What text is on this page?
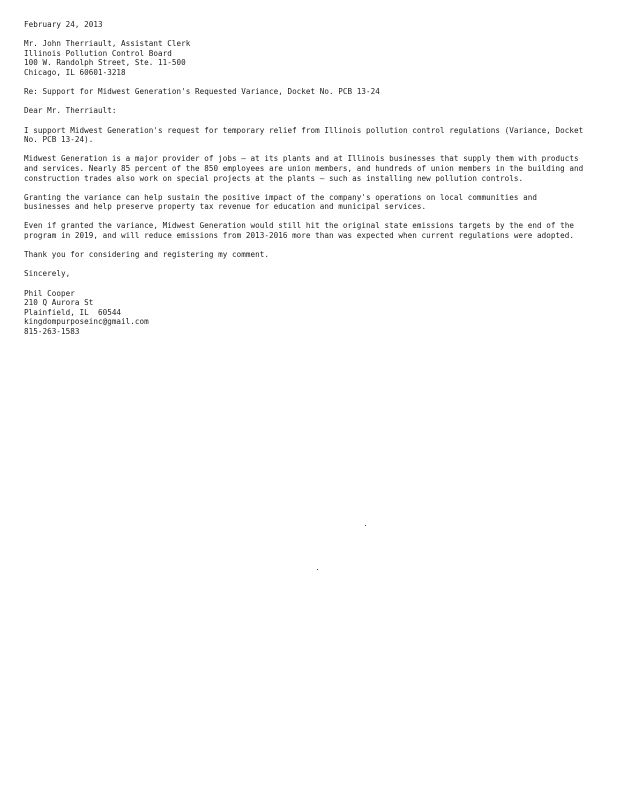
February 24, 2013
Mr. John Therriault, Assistant Clerk
Illinois Pollution Control Board
100 W. Randolph Street, Ste. 11-500
Chicago, IL 60601-3218
Re: Support for Midwest Generation's Requested Variance, Docket No. PCB 13-24
Dear Mr. Therriault:
I support Midwest Generation's request for temporary relief from Illinois pollution control regulations (Variance, Docket No. PCB 13-24).
Midwest Generation is a major provider of jobs — at its plants and at Illinois businesses that supply them with products and services. Nearly 85 percent of the 850 employees are union members, and hundreds of union members in the building and construction trades also work on special projects at the plants — such as installing new pollution controls.
Granting the variance can help sustain the positive impact of the company's operations on local communities and businesses and help preserve property tax revenue for education and municipal services.
Even if granted the variance, Midwest Generation would still hit the original state emissions targets by the end of the program in 2019, and will reduce emissions from 2013-2016 more than was expected when current regulations were adopted.
Thank you for considering and registering my comment.
Sincerely,
Phil Cooper
210 Q Aurora St
Plainfield, IL  60544
kingdompurposeinc@gmail.com
815-263-1583
